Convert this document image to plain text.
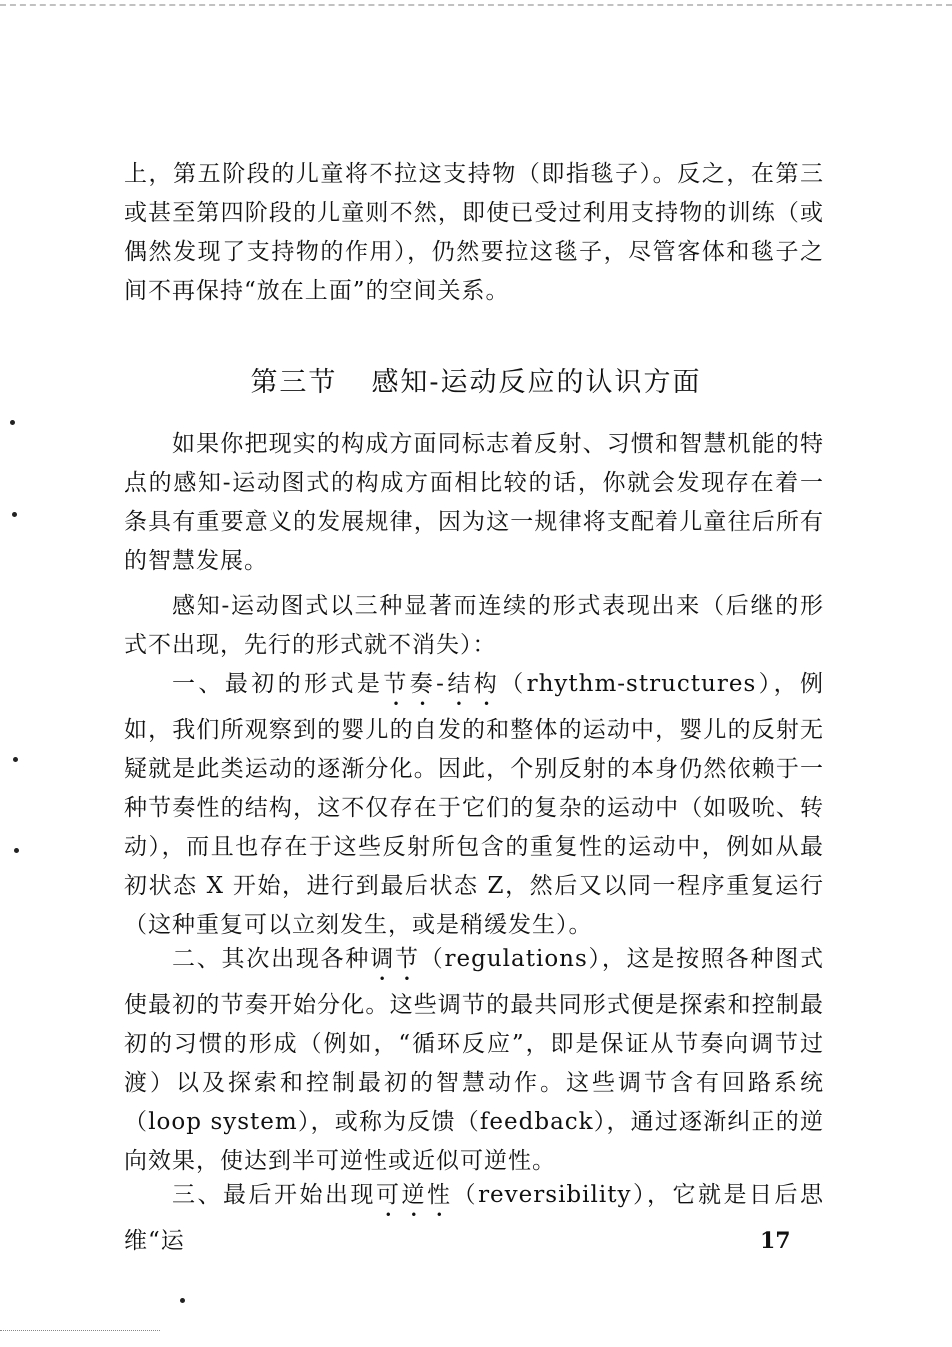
上，第五阶段的儿童将不拉这支持物（即指毯子）。反之，在第三或甚至第四阶段的儿童则不然，即使已受过利用支持物的训练（或偶然发现了支持物的作用），仍然要拉这毯子，尽管客体和毯子之间不再保持“放在上面”的空间关系。

第三节 感知-运动反应的认识方面

如果你把现实的构成方面同标志着反射、习惯和智慧机能的特点的感知-运动图式的构成方面相比较的话，你就会发现存在着一条具有重要意义的发展规律，因为这一规律将支配着儿童往后所有的智慧发展。

感知-运动图式以三种显著而连续的形式表现出来（后继的形式不出现，先行的形式就不消失）：

一、最初的形式是节奏-结构（rhythm-structures），例如，我们所观察到的婴儿的自发的和整体的运动中，婴儿的反射无疑就是此类运动的逐渐分化。因此，个别反射的本身仍然依赖于一种节奏性的结构，这不仅存在于它们的复杂的运动中（如吸吮、转动），而且也存在于这些反射所包含的重复性的运动中，例如从最初状态 X 开始，进行到最后状态 Z，然后又以同一程序重复运行（这种重复可以立刻发生，或是稍缓发生）。

二、其次出现各种调节（regulations），这是按照各种图式使最初的节奏开始分化。这些调节的最共同形式便是探索和控制最初的习惯的形成（例如，“循环反应”，即是保证从节奏向调节过渡）以及探索和控制最初的智慧动作。这些调节含有回路系统（loop system），或称为反馈（feedback），通过逐渐纠正的逆向效果，使达到半可逆性或近似可逆性。

三、最后开始出现可逆性（reversibility），它就是日后思维“运	17
